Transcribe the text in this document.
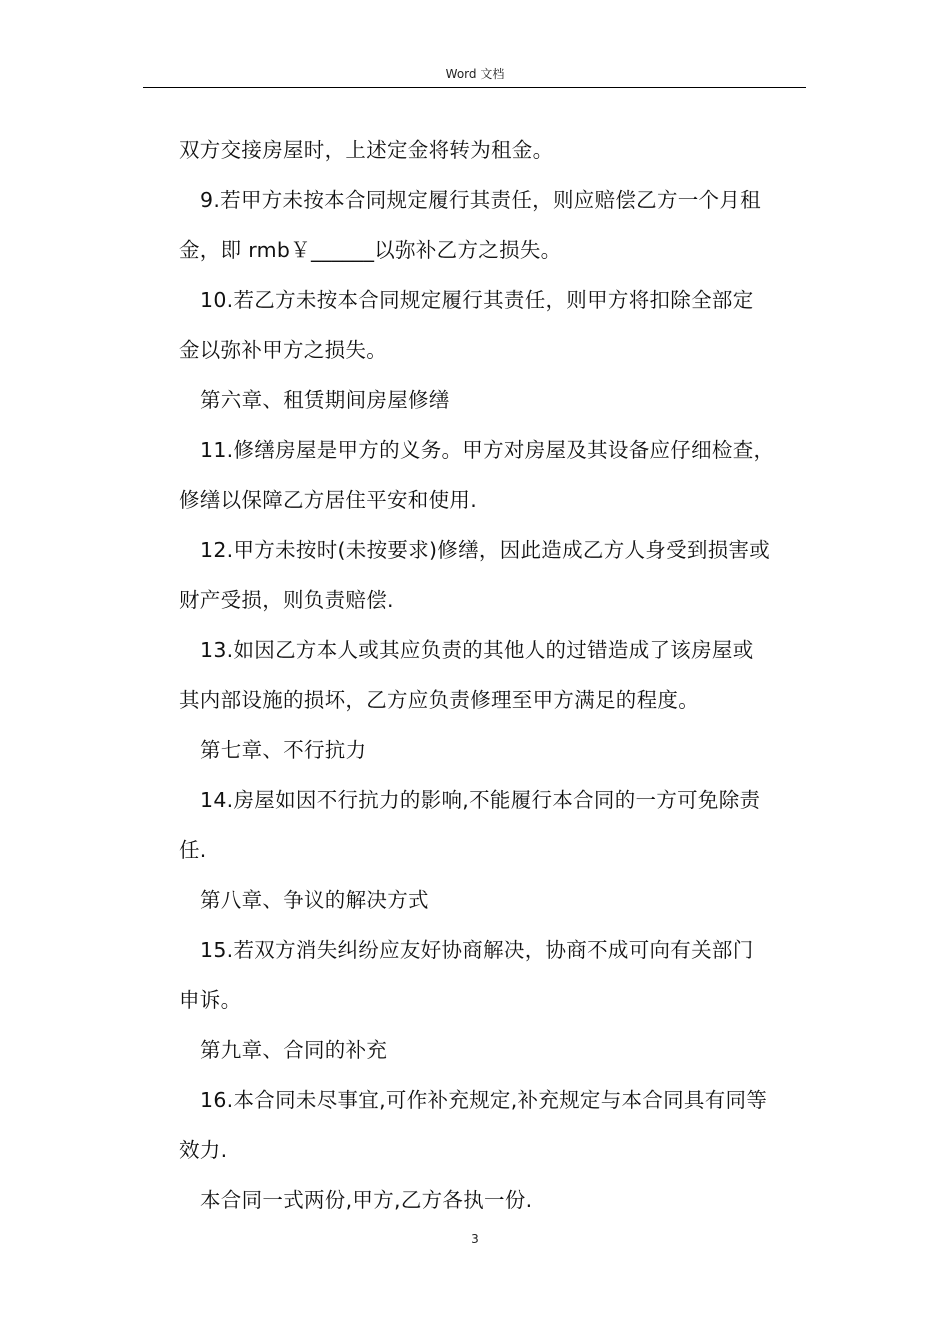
Word 文档

双方交接房屋时，上述定金将转为租金。

9.若甲方未按本合同规定履行其责任，则应赔偿乙方一个月租

金，即 rmb￥______以弥补乙方之损失。

10.若乙方未按本合同规定履行其责任，则甲方将扣除全部定

金以弥补甲方之损失。

第六章、租赁期间房屋修缮

11.修缮房屋是甲方的义务。甲方对房屋及其设备应仔细检查，

修缮以保障乙方居住平安和使用.

12.甲方未按时(未按要求)修缮，因此造成乙方人身受到损害或

财产受损，则负责赔偿.

13.如因乙方本人或其应负责的其他人的过错造成了该房屋或

其内部设施的损坏，乙方应负责修理至甲方满足的程度。

第七章、不行抗力

14.房屋如因不行抗力的影响,不能履行本合同的一方可免除责

任.

第八章、争议的解决方式

15.若双方消失纠纷应友好协商解决，协商不成可向有关部门

申诉。

第九章、合同的补充

16.本合同未尽事宜,可作补充规定,补充规定与本合同具有同等

效力.

本合同一式两份,甲方,乙方各执一份.

3
